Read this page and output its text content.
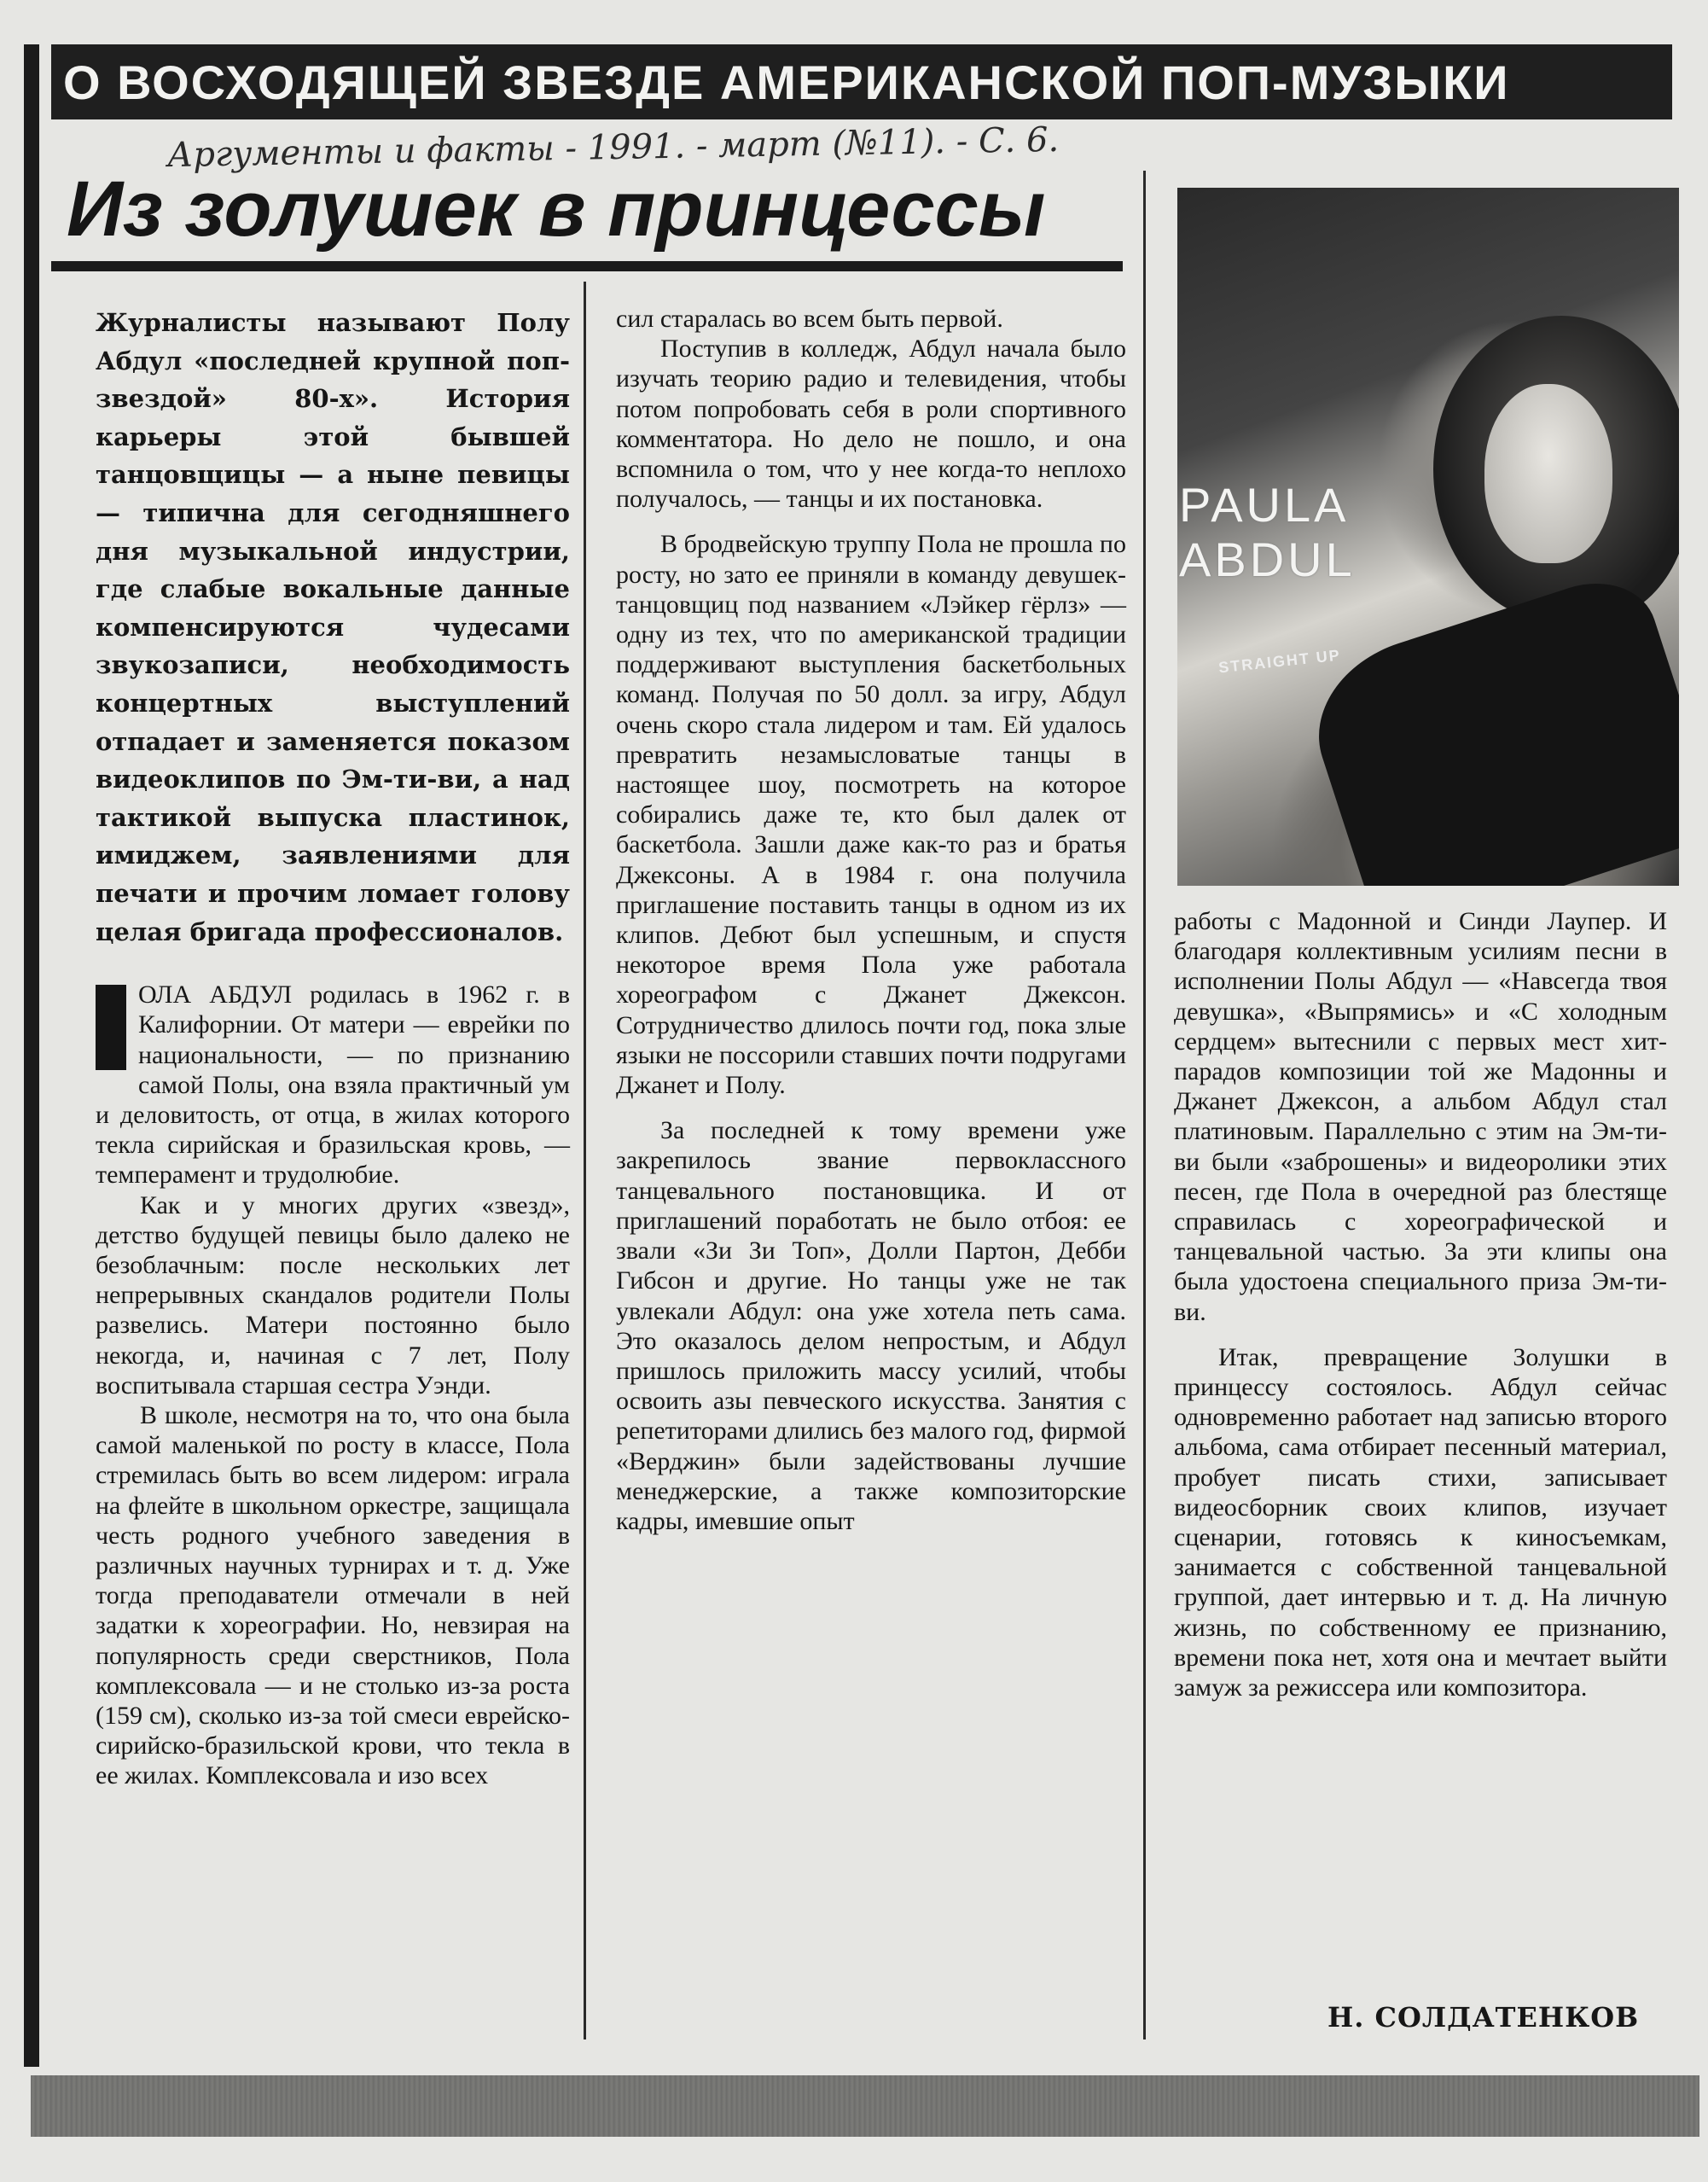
О ВОСХОДЯЩЕЙ ЗВЕЗДЕ АМЕРИКАНСКОЙ ПОП-МУЗЫКИ
Аргументы и факты - 1991. - март (№11). - С. 6.
Из золушек в принцессы

Журналисты называют Полу Абдул «последней крупной поп-звездой» 80-х». История карьеры этой бывшей танцовщицы — а ныне певицы — типична для сегодняшнего дня музыкальной индустрии, где слабые вокальные данные компенсируются чудесами звукозаписи, необходимость концертных выступлений отпадает и заменяется показом видеоклипов по Эм-ти-ви, а над тактикой выпуска пластинок, имиджем, заявлениями для печати и прочим ломает голову целая бригада профессионалов.

ОЛА АБДУЛ родилась в 1962 г. в Калифорнии. От матери — еврейки по национальности, — по признанию самой Полы, она взяла практичный ум и деловитость, от отца, в жилах которого текла сирийская и бразильская кровь, — темперамент и трудолюбие.

Как и у многих других «звезд», детство будущей певицы было далеко не безоблачным: после нескольких лет непрерывных скандалов родители Полы развелись. Матери постоянно было некогда, и, начиная с 7 лет, Полу воспитывала старшая сестра Уэнди.

В школе, несмотря на то, что она была самой маленькой по росту в классе, Пола стремилась быть во всем лидером: играла на флейте в школьном оркестре, защищала честь родного учебного заведения в различных научных турнирах и т. д. Уже тогда преподаватели отмечали в ней задатки к хореографии. Но, невзирая на популярность среди сверстников, Пола комплексовала — и не столько из-за роста (159 см), сколько из-за той смеси еврейско-сирийско-бразильской крови, что текла в ее жилах. Комплексовала и изо всех

сил старалась во всем быть первой.

Поступив в колледж, Абдул начала было изучать теорию радио и телевидения, чтобы потом попробовать себя в роли спортивного комментатора. Но дело не пошло, и она вспомнила о том, что у нее когда-то неплохо получалось, — танцы и их постановка.

В бродвейскую труппу Пола не прошла по росту, но зато ее приняли в команду девушек-танцовщиц под названием «Лэйкер гёрлз» — одну из тех, что по американской традиции поддерживают выступления баскетбольных команд. Получая по 50 долл. за игру, Абдул очень скоро стала лидером и там. Ей удалось превратить незамысловатые танцы в настоящее шоу, посмотреть на которое собирались даже те, кто был далек от баскетбола. Зашли даже как-то раз и братья Джексоны. А в 1984 г. она получила приглашение поставить танцы в одном из их клипов. Дебют был успешным, и спустя некоторое время Пола уже работала хореографом с Джанет Джексон. Сотрудничество длилось почти год, пока злые языки не поссорили ставших почти подругами Джанет и Полу.

За последней к тому времени уже закрепилось звание первоклассного танцевального постановщика. И от приглашений поработать не было отбоя: ее звали «Зи Зи Топ», Долли Партон, Дебби Гибсон и другие. Но танцы уже не так увлекали Абдул: она уже хотела петь сама. Это оказалось делом непростым, и Абдул пришлось приложить массу усилий, чтобы освоить азы певческого искусства. Занятия с репетиторами длились без малого год, фирмой «Верджин» были задействованы лучшие менеджерские, а также композиторские кадры, имевшие опыт

PAULA
ABDUL
STRAIGHT UP

работы с Мадонной и Синди Лаупер. И благодаря коллективным усилиям песни в исполнении Полы Абдул — «Навсегда твоя девушка», «Выпрямись» и «С холодным сердцем» вытеснили с первых мест хит-парадов композиции той же Мадонны и Джанет Джексон, а альбом Абдул стал платиновым. Параллельно с этим на Эм-ти-ви были «заброшены» и видеоролики этих песен, где Пола в очередной раз блестяще справилась с хореографической и танцевальной частью. За эти клипы она была удостоена специального приза Эм-ти-ви.

Итак, превращение Золушки в принцессу состоялось. Абдул сейчас одновременно работает над записью второго альбома, сама отбирает песенный материал, пробует писать стихи, записывает видеосборник своих клипов, изучает сценарии, готовясь к киносъемкам, занимается с собственной танцевальной группой, дает интервью и т. д. На личную жизнь, по собственному ее признанию, времени пока нет, хотя она и мечтает выйти замуж за режиссера или композитора.

Н. СОЛДАТЕНКОВ
